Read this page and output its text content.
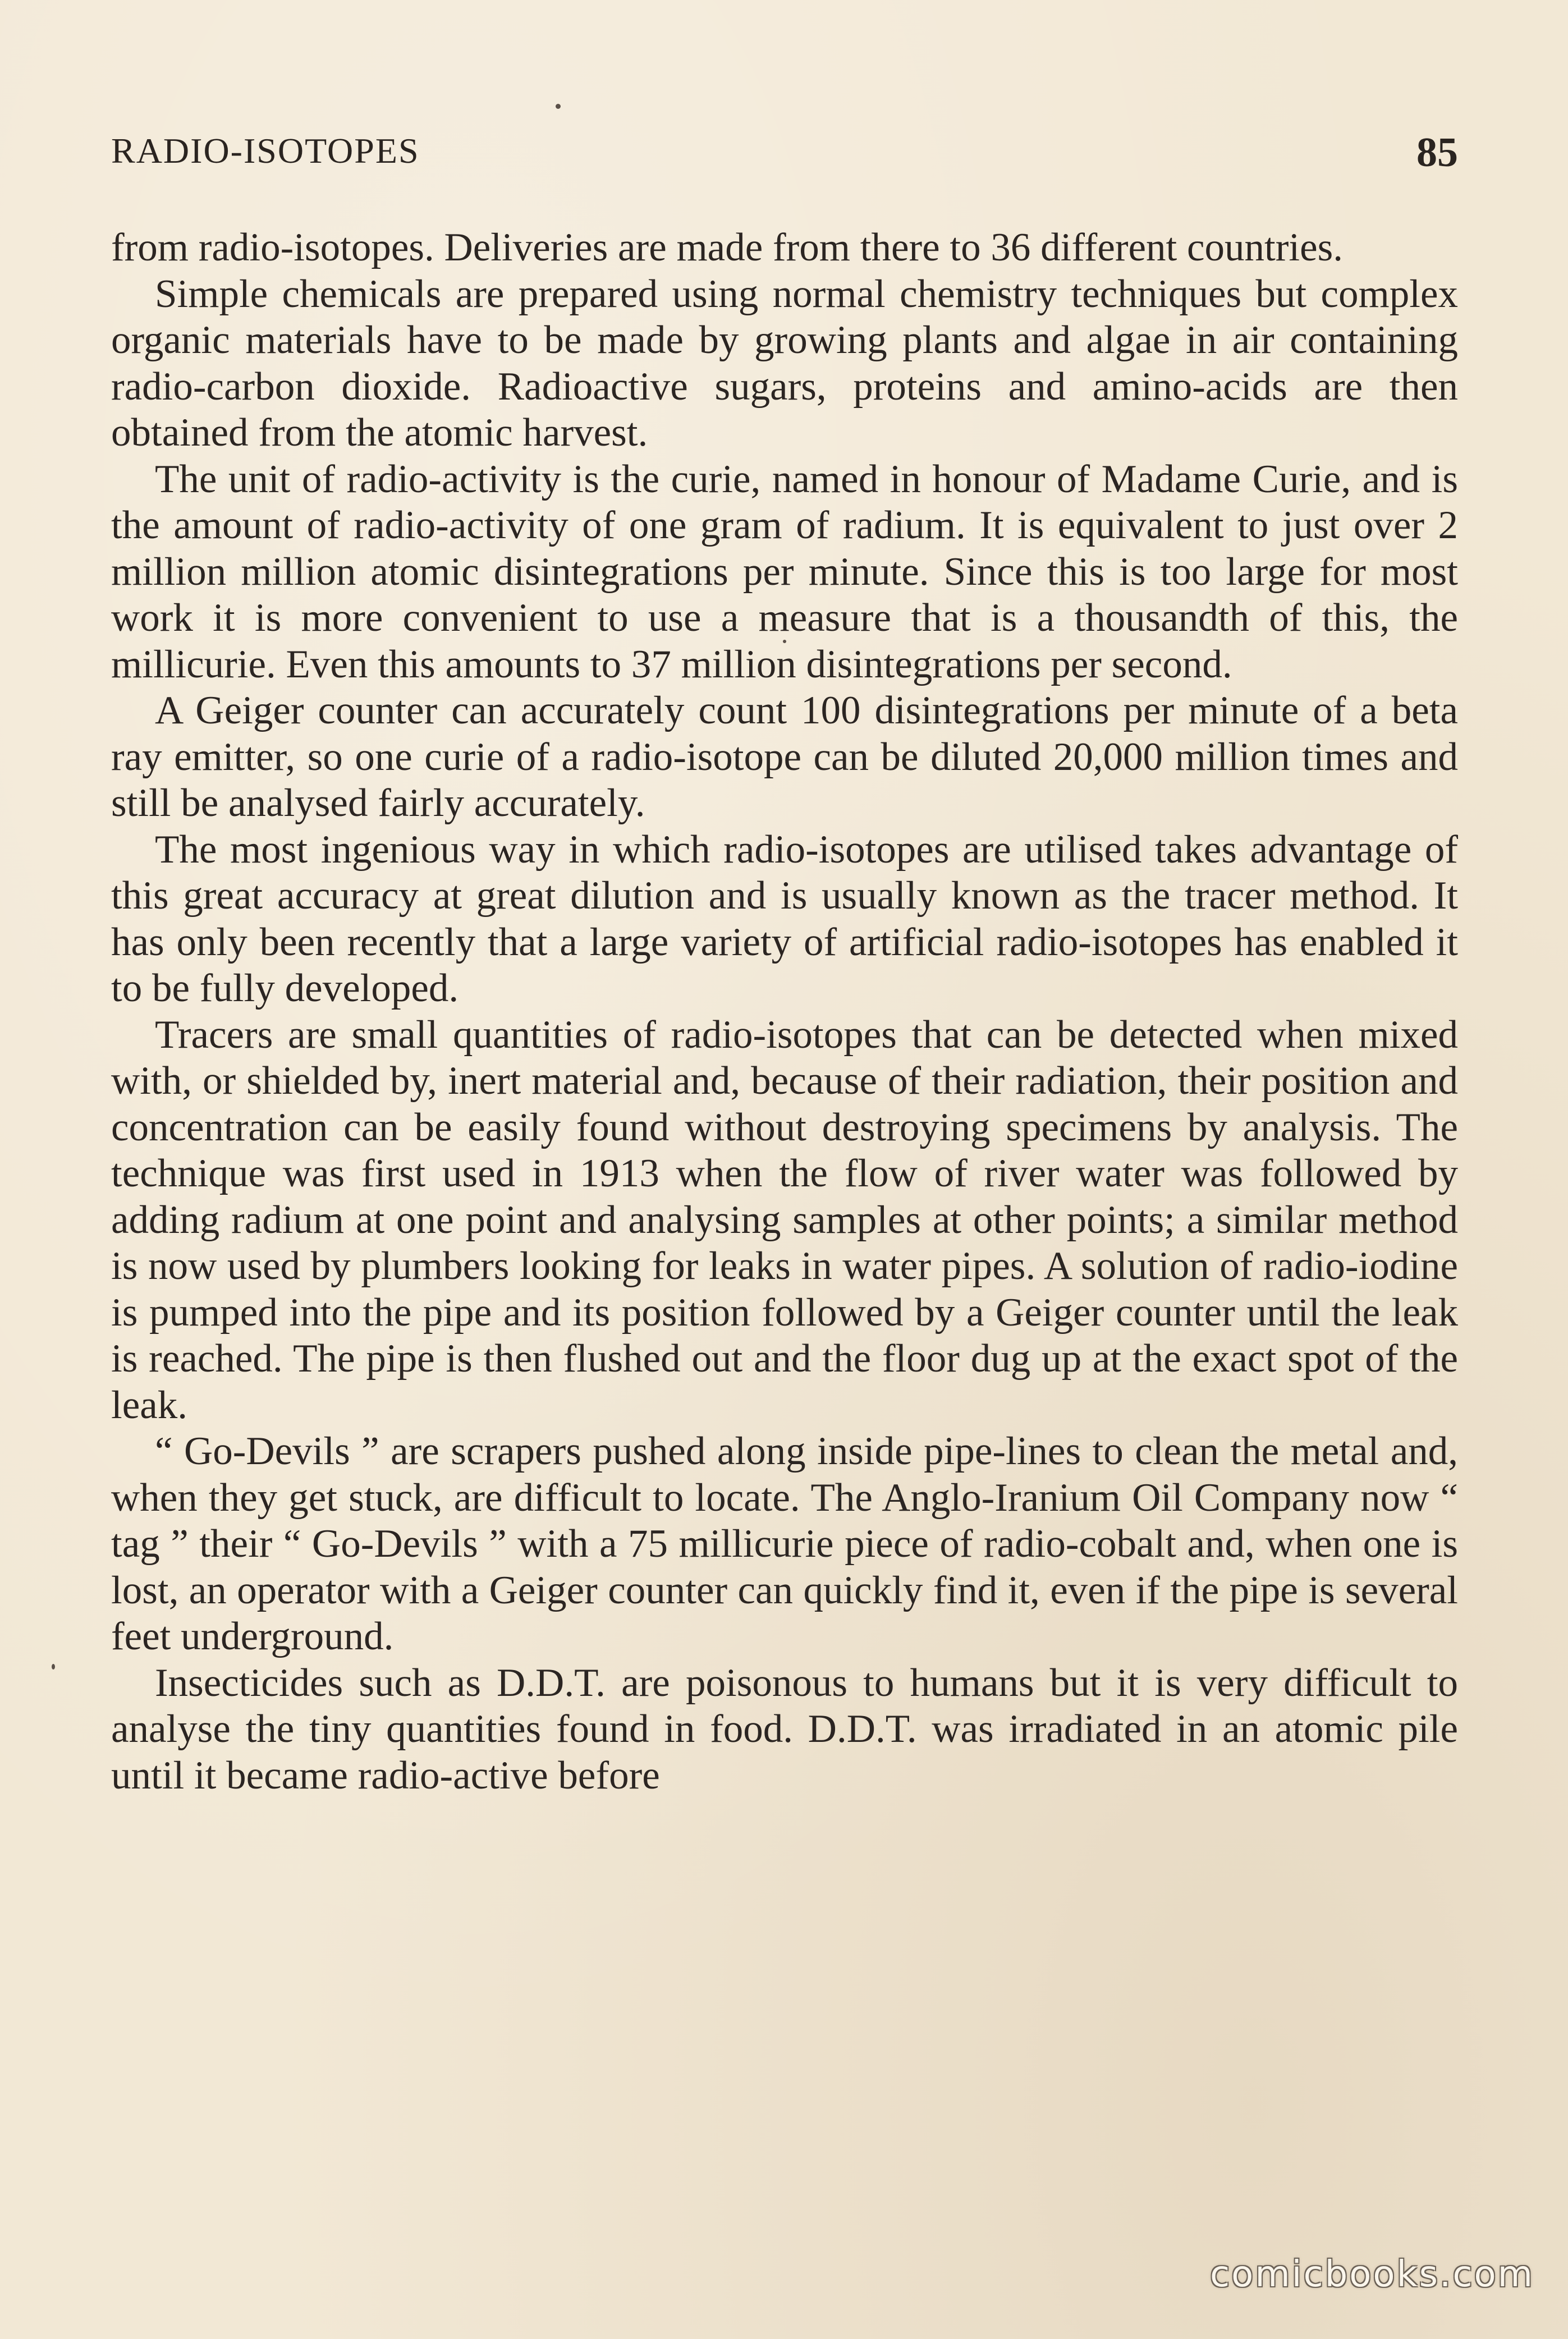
RADIO-ISOTOPES	85

from radio-isotopes. Deliveries are made from there to 36 different countries.

Simple chemicals are prepared using normal chemistry techniques but complex organic materials have to be made by growing plants and algae in air containing radio-carbon dioxide. Radioactive sugars, proteins and amino-acids are then obtained from the atomic harvest.

The unit of radio-activity is the curie, named in honour of Madame Curie, and is the amount of radio-activity of one gram of radium. It is equivalent to just over 2 million million atomic disintegrations per minute. Since this is too large for most work it is more convenient to use a measure that is a thousandth of this, the millicurie. Even this amounts to 37 million disintegrations per second.

A Geiger counter can accurately count 100 disintegrations per minute of a beta ray emitter, so one curie of a radio-isotope can be diluted 20,000 million times and still be analysed fairly accurately.

The most ingenious way in which radio-isotopes are utilised takes advantage of this great accuracy at great dilution and is usually known as the tracer method. It has only been recently that a large variety of artificial radio-isotopes has enabled it to be fully developed.

Tracers are small quantities of radio-isotopes that can be detected when mixed with, or shielded by, inert material and, because of their radiation, their position and concentration can be easily found without destroying specimens by analysis. The technique was first used in 1913 when the flow of river water was followed by adding radium at one point and analysing samples at other points; a similar method is now used by plumbers looking for leaks in water pipes. A solution of radio-iodine is pumped into the pipe and its position followed by a Geiger counter until the leak is reached. The pipe is then flushed out and the floor dug up at the exact spot of the leak.

“ Go-Devils ” are scrapers pushed along inside pipe-lines to clean the metal and, when they get stuck, are difficult to locate. The Anglo-Iranium Oil Company now “ tag ” their “ Go-Devils ” with a 75 millicurie piece of radio-cobalt and, when one is lost, an operator with a Geiger counter can quickly find it, even if the pipe is several feet underground.

Insecticides such as D.D.T. are poisonous to humans but it is very difficult to analyse the tiny quantities found in food. D.D.T. was irradiated in an atomic pile until it became radio-active before

comicbooks.com
